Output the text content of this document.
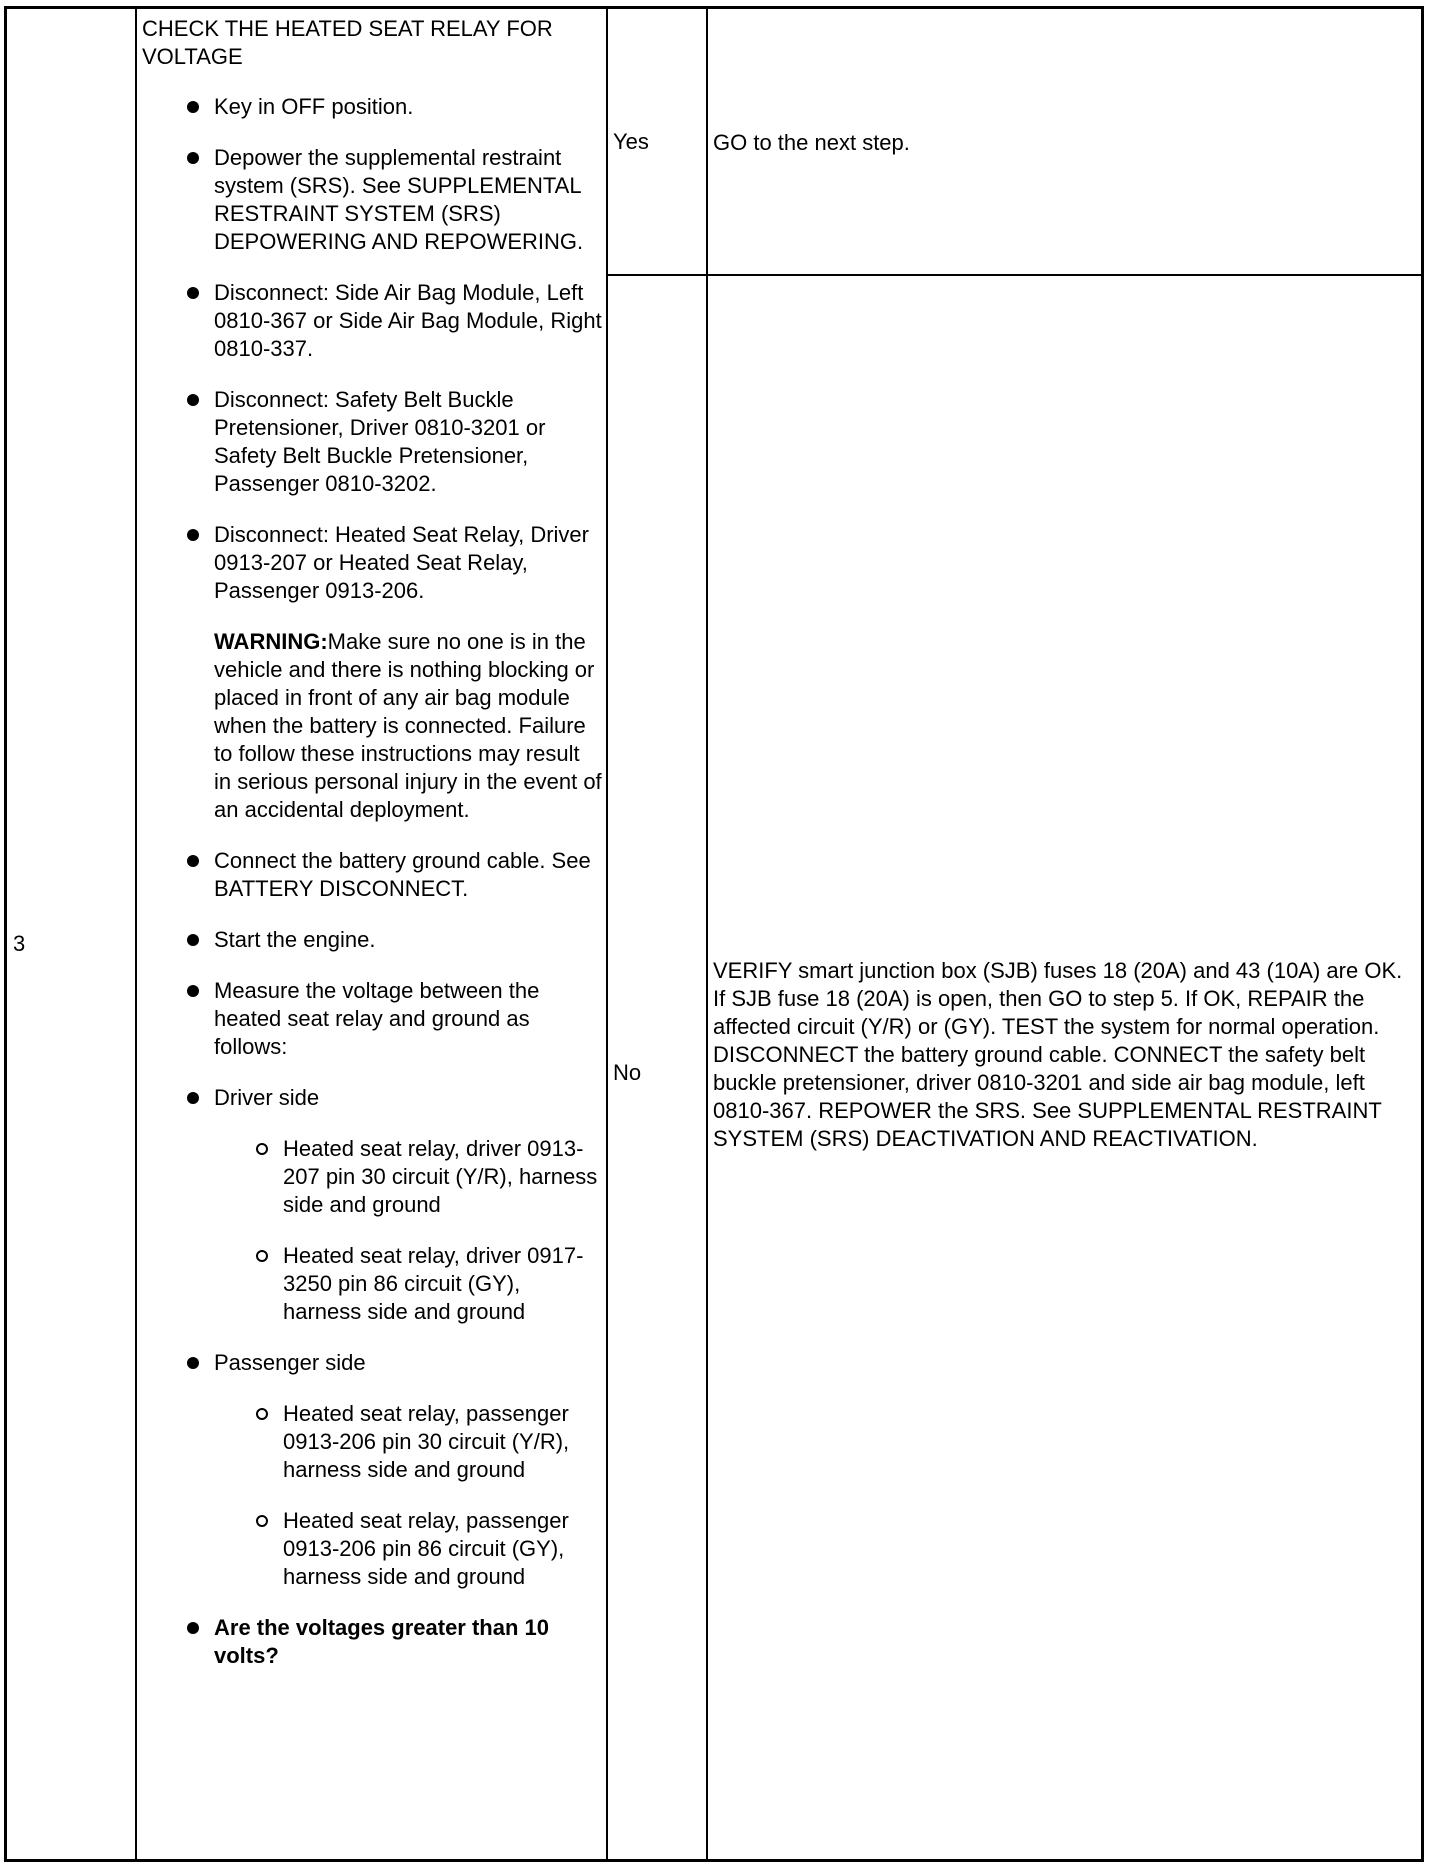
3
CHECK THE HEATED SEAT RELAY FOR VOLTAGE
Key in OFF position.
Depower the supplemental restraint system (SRS). See SUPPLEMENTAL RESTRAINT SYSTEM (SRS) DEPOWERING AND REPOWERING.
Disconnect: Side Air Bag Module, Left 0810-367 or Side Air Bag Module, Right 0810-337.
Disconnect: Safety Belt Buckle Pretensioner, Driver 0810-3201 or Safety Belt Buckle Pretensioner, Passenger 0810-3202.
Disconnect: Heated Seat Relay, Driver 0913-207 or Heated Seat Relay, Passenger 0913-206.
WARNING:Make sure no one is in the vehicle and there is nothing blocking or placed in front of any air bag module when the battery is connected. Failure to follow these instructions may result in serious personal injury in the event of an accidental deployment.
Connect the battery ground cable. See BATTERY DISCONNECT.
Start the engine.
Measure the voltage between the heated seat relay and ground as follows:
Driver side
Heated seat relay, driver 0913-207 pin 30 circuit (Y/R), harness side and ground
Heated seat relay, driver 0917-3250 pin 86 circuit (GY), harness side and ground
Passenger side
Heated seat relay, passenger 0913-206 pin 30 circuit (Y/R), harness side and ground
Heated seat relay, passenger 0913-206 pin 86 circuit (GY), harness side and ground
Are the voltages greater than 10 volts?
Yes	GO to the next step.
No
VERIFY smart junction box (SJB) fuses 18 (20A) and 43 (10A) are OK. If SJB fuse 18 (20A) is open, then GO to step 5. If OK, REPAIR the affected circuit (Y/R) or (GY). TEST the system for normal operation. DISCONNECT the battery ground cable. CONNECT the safety belt buckle pretensioner, driver 0810-3201 and side air bag module, left 0810-367. REPOWER the SRS. See SUPPLEMENTAL RESTRAINT SYSTEM (SRS) DEACTIVATION AND REACTIVATION.
